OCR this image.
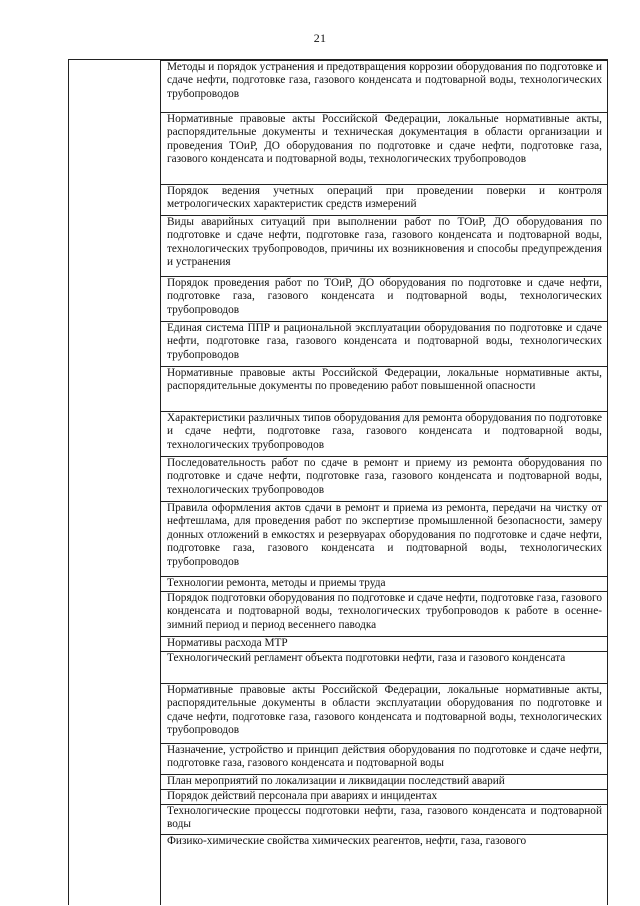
21
Методы и порядок устранения и предотвращения коррозии оборудования по подготовке и сдаче нефти, подготовке газа, газового конденсата и подтоварной воды, технологических трубопроводов
Нормативные правовые акты Российской Федерации, локальные нормативные акты, распорядительные документы и техническая документация в области организации и проведения ТОиР, ДО оборудования по подготовке и сдаче нефти, подготовке газа, газового конденсата и подтоварной воды, технологических трубопроводов
Порядок ведения учетных операций при проведении поверки и контроля метрологических характеристик средств измерений
Виды аварийных ситуаций при выполнении работ по ТОиР, ДО оборудования по подготовке и сдаче нефти, подготовке газа, газового конденсата и подтоварной воды, технологических трубопроводов, причины их возникновения и способы предупреждения и устранения
Порядок проведения работ по ТОиР, ДО оборудования по подготовке и сдаче нефти, подготовке газа, газового конденсата и подтоварной воды, технологических трубопроводов
Единая система ППР и рациональной эксплуатации оборудования по подготовке и сдаче нефти, подготовке газа, газового конденсата и подтоварной воды, технологических трубопроводов
Нормативные правовые акты Российской Федерации, локальные нормативные акты, распорядительные документы по проведению работ повышенной опасности
Характеристики различных типов оборудования для ремонта оборудования по подготовке и сдаче нефти, подготовке газа, газового конденсата и подтоварной воды, технологических трубопроводов
Последовательность работ по сдаче в ремонт и приему из ремонта оборудования по подготовке и сдаче нефти, подготовке газа, газового конденсата и подтоварной воды, технологических трубопроводов
Правила оформления актов сдачи в ремонт и приема из ремонта, передачи на чистку от нефтешлама, для проведения работ по экспертизе промышленной безопасности, замеру донных отложений в емкостях и резервуарах оборудования по подготовке и сдаче нефти, подготовке газа, газового конденсата и подтоварной воды, технологических трубопроводов
Технологии ремонта, методы и приемы труда
Порядок подготовки оборудования по подготовке и сдаче нефти, подготовке газа, газового конденсата и подтоварной воды, технологических трубопроводов к работе в осенне-зимний период и период весеннего паводка
Нормативы расхода МТР
Технологический регламент объекта подготовки нефти, газа и газового конденсата
Нормативные правовые акты Российской Федерации, локальные нормативные акты, распорядительные документы в области эксплуатации оборудования по подготовке и сдаче нефти, подготовке газа, газового конденсата и подтоварной воды, технологических трубопроводов
Назначение, устройство и принцип действия оборудования по подготовке и сдаче нефти, подготовке газа, газового конденсата и подтоварной воды
План мероприятий по локализации и ликвидации последствий аварий
Порядок действий персонала при авариях и инцидентах
Технологические процессы подготовки нефти, газа, газового конденсата и подтоварной воды
Физико-химические свойства химических реагентов, нефти, газа, газового
